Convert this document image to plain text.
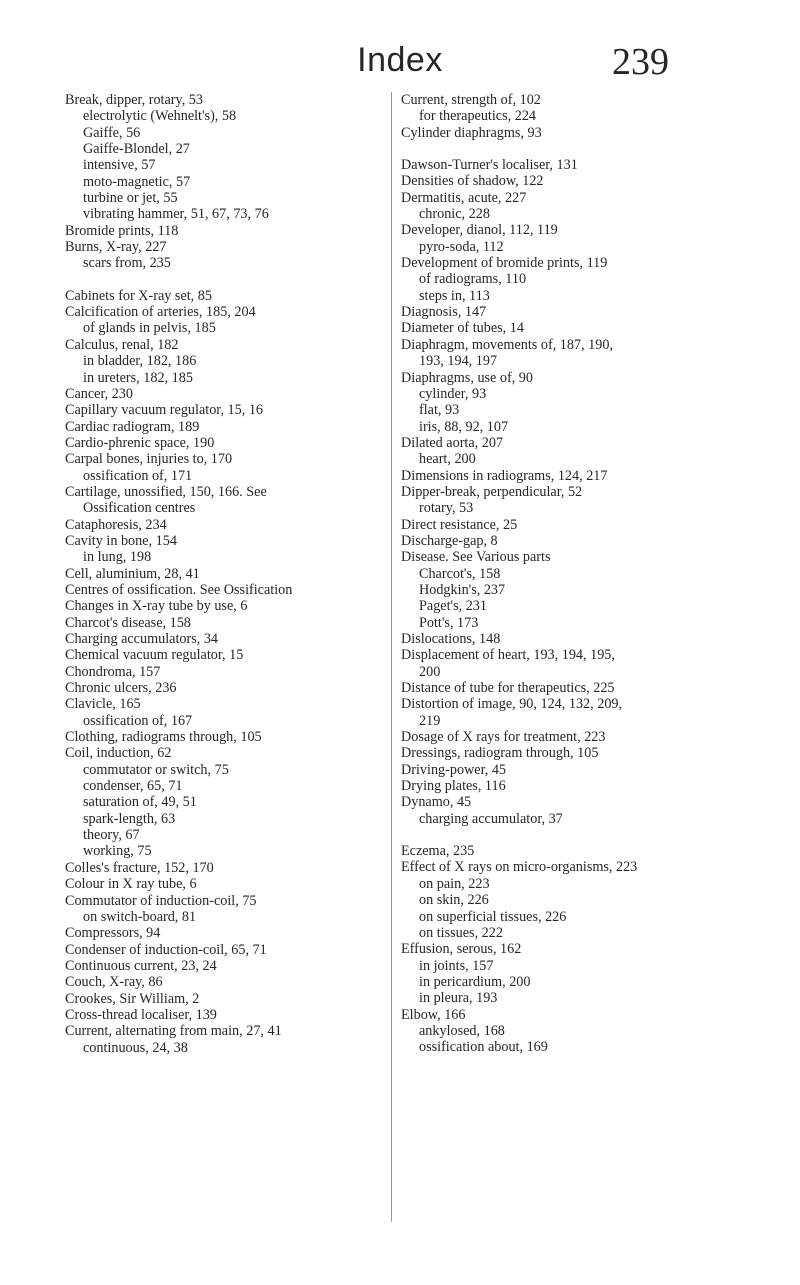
Index	239
Break, dipper, rotary, 53
electrolytic (Wehnelt's), 58
Gaiffe, 56
Gaiffe-Blondel, 27
intensive, 57
moto-magnetic, 57
turbine or jet, 55
vibrating hammer, 51, 67, 73, 76
Bromide prints, 118
Burns, X-ray, 227
scars from, 235
Cabinets for X-ray set, 85
Calcification of arteries, 185, 204
of glands in pelvis, 185
Calculus, renal, 182
in bladder, 182, 186
in ureters, 182, 185
Cancer, 230
Capillary vacuum regulator, 15, 16
Cardiac radiogram, 189
Cardio-phrenic space, 190
Carpal bones, injuries to, 170
ossification of, 171
Cartilage, unossified, 150, 166. See
Ossification centres
Cataphoresis, 234
Cavity in bone, 154
in lung, 198
Cell, aluminium, 28, 41
Centres of ossification. See Ossification
Changes in X-ray tube by use, 6
Charcot's disease, 158
Charging accumulators, 34
Chemical vacuum regulator, 15
Chondroma, 157
Chronic ulcers, 236
Clavicle, 165
ossification of, 167
Clothing, radiograms through, 105
Coil, induction, 62
commutator or switch, 75
condenser, 65, 71
saturation of, 49, 51
spark-length, 63
theory, 67
working, 75
Colles's fracture, 152, 170
Colour in X ray tube, 6
Commutator of induction-coil, 75
on switch-board, 81
Compressors, 94
Condenser of induction-coil, 65, 71
Continuous current, 23, 24
Couch, X-ray, 86
Crookes, Sir William, 2
Cross-thread localiser, 139
Current, alternating from main, 27, 41
continuous, 24, 38
Current, strength of, 102
for therapeutics, 224
Cylinder diaphragms, 93
Dawson-Turner's localiser, 131
Densities of shadow, 122
Dermatitis, acute, 227
chronic, 228
Developer, dianol, 112, 119
pyro-soda, 112
Development of bromide prints, 119
of radiograms, 110
steps in, 113
Diagnosis, 147
Diameter of tubes, 14
Diaphragm, movements of, 187, 190,
193, 194, 197
Diaphragms, use of, 90
cylinder, 93
flat, 93
iris, 88, 92, 107
Dilated aorta, 207
heart, 200
Dimensions in radiograms, 124, 217
Dipper-break, perpendicular, 52
rotary, 53
Direct resistance, 25
Discharge-gap, 8
Disease. See Various parts
Charcot's, 158
Hodgkin's, 237
Paget's, 231
Pott's, 173
Dislocations, 148
Displacement of heart, 193, 194, 195,
200
Distance of tube for therapeutics, 225
Distortion of image, 90, 124, 132, 209,
219
Dosage of X rays for treatment, 223
Dressings, radiogram through, 105
Driving-power, 45
Drying plates, 116
Dynamo, 45
charging accumulator, 37
Eczema, 235
Effect of X rays on micro-organisms, 223
on pain, 223
on skin, 226
on superficial tissues, 226
on tissues, 222
Effusion, serous, 162
in joints, 157
in pericardium, 200
in pleura, 193
Elbow, 166
ankylosed, 168
ossification about, 169
